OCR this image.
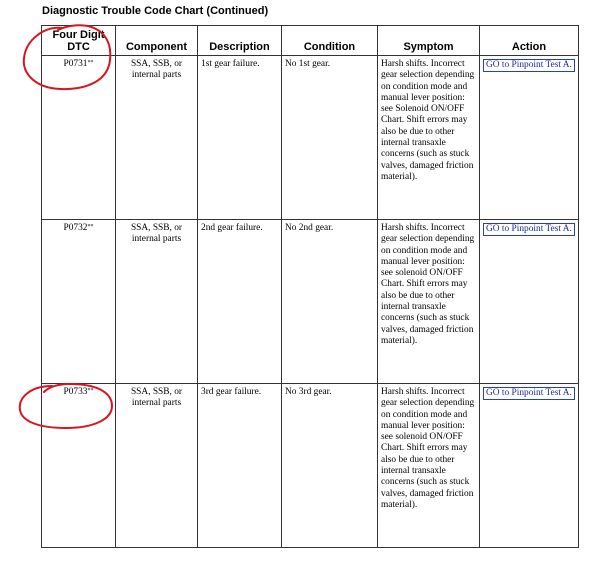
Diagnostic Trouble Code Chart (Continued)
Four Digit
DTC	Component	Description	Condition	Symptom	Action
P0731**	SSA, SSB, or internal parts	1st gear failure.	No 1st gear.	Harsh shifts. Incorrect gear selection depending on condition mode and manual lever position: see Solenoid ON/OFF Chart. Shift errors may also be due to other internal transaxle concerns (such as stuck valves, damaged friction material).	GO to Pinpoint Test A.
P0732**	SSA, SSB, or internal parts	2nd gear failure.	No 2nd gear.	Harsh shifts. Incorrect gear selection depending on condition mode and manual lever position: see solenoid ON/OFF Chart. Shift errors may also be due to other internal transaxle concerns (such as stuck valves, damaged friction material).	GO to Pinpoint Test A.
P0733**	SSA, SSB, or internal parts	3rd gear failure.	No 3rd gear.	Harsh shifts. Incorrect gear selection depending on condition mode and manual lever position: see solenoid ON/OFF Chart. Shift errors may also be due to other internal transaxle concerns (such as stuck valves, damaged friction material).	GO to Pinpoint Test A.
